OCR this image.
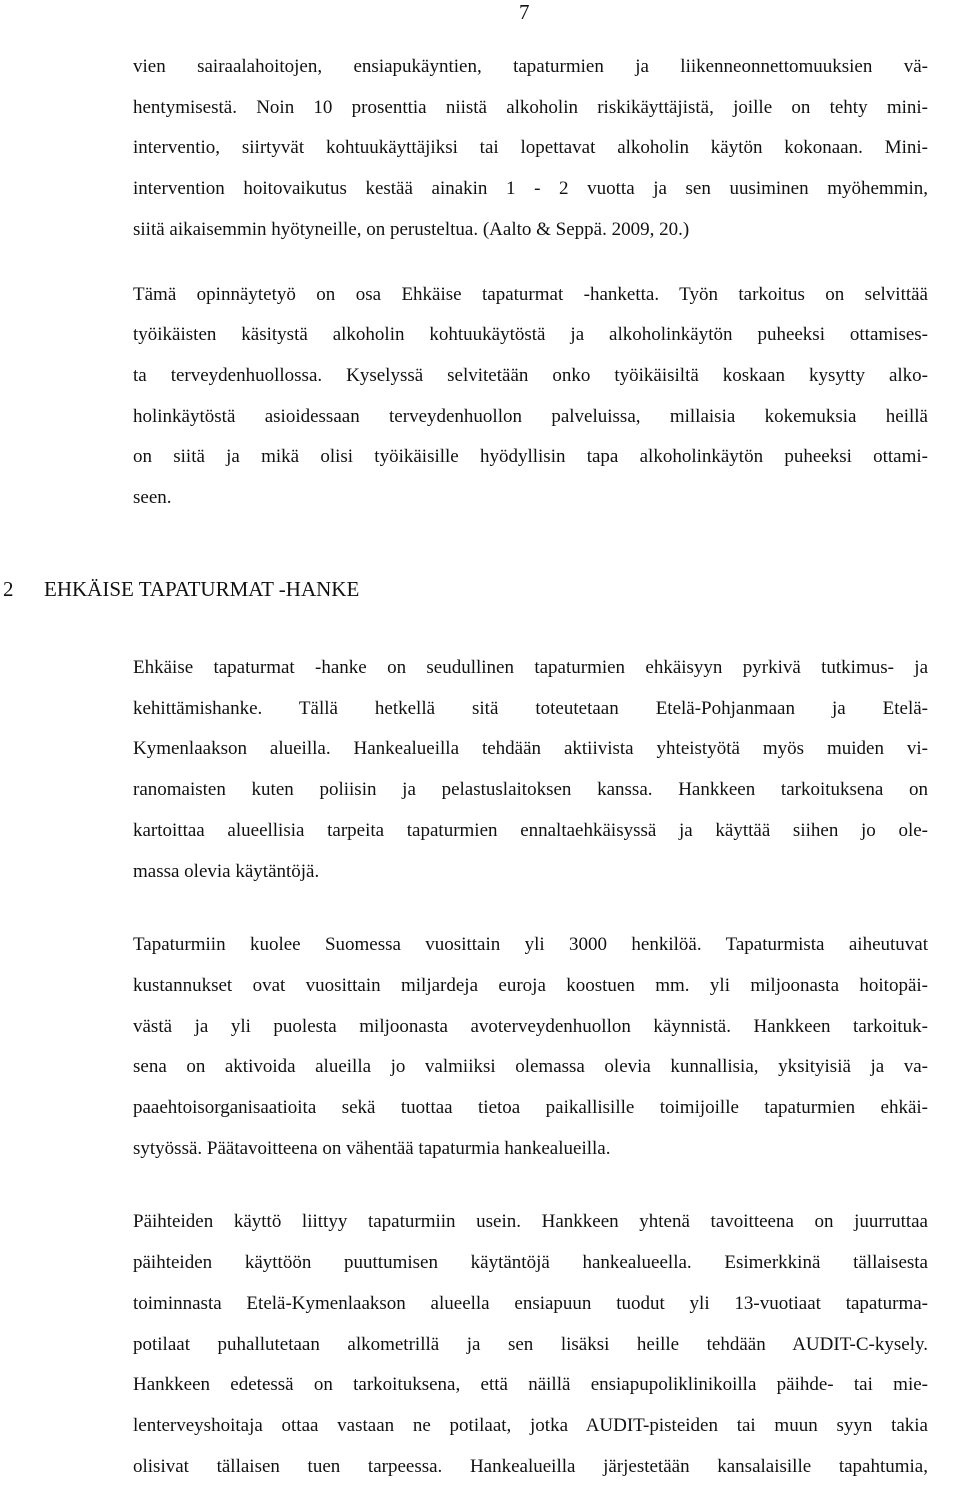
7

vien sairaalahoitojen, ensiapukäyntien, tapaturmien ja liikenneonnettomuuksien vä-
hentymisestä. Noin 10 prosenttia niistä alkoholin riskikäyttäjistä, joille on tehty mini-
interventio, siirtyvät kohtuukäyttäjiksi tai lopettavat alkoholin käytön kokonaan. Mini-
intervention hoitovaikutus kestää ainakin 1 - 2 vuotta ja sen uusiminen myöhemmin,
siitä aikaisemmin hyötyneille, on perusteltua. (Aalto & Seppä. 2009, 20.)

Tämä opinnäytetyö on osa Ehkäise tapaturmat -hanketta. Työn tarkoitus on selvittää
työikäisten käsitystä alkoholin kohtuukäytöstä ja alkoholinkäytön puheeksi ottamises-
ta terveydenhuollossa. Kyselyssä selvitetään onko työikäisiltä koskaan kysytty alko-
holinkäytöstä asioidessaan terveydenhuollon palveluissa, millaisia kokemuksia heillä
on siitä ja mikä olisi työikäisille hyödyllisin tapa alkoholinkäytön puheeksi ottami-
seen.

2 EHKÄISE TAPATURMAT -HANKE

Ehkäise tapaturmat -hanke on seudullinen tapaturmien ehkäisyyn pyrkivä tutkimus- ja
kehittämishanke. Tällä hetkellä sitä toteutetaan Etelä-Pohjanmaan ja Etelä-
Kymenlaakson alueilla. Hankealueilla tehdään aktiivista yhteistyötä myös muiden vi-
ranomaisten kuten poliisin ja pelastuslaitoksen kanssa. Hankkeen tarkoituksena on
kartoittaa alueellisia tarpeita tapaturmien ennaltaehkäisyssä ja käyttää siihen jo ole-
massa olevia käytäntöjä.

Tapaturmiin kuolee Suomessa vuosittain yli 3000 henkilöä. Tapaturmista aiheutuvat
kustannukset ovat vuosittain miljardeja euroja koostuen mm. yli miljoonasta hoitopäi-
västä ja yli puolesta miljoonasta avoterveydenhuollon käynnistä. Hankkeen tarkoituk-
sena on aktivoida alueilla jo valmiiksi olemassa olevia kunnallisia, yksityisiä ja va-
paaehtoisorganisaatioita sekä tuottaa tietoa paikallisille toimijoille tapaturmien ehkäi-
sytyössä. Päätavoitteena on vähentää tapaturmia hankealueilla.

Päihteiden käyttö liittyy tapaturmiin usein. Hankkeen yhtenä tavoitteena on juurruttaa
päihteiden käyttöön puuttumisen käytäntöjä hankealueella. Esimerkkinä tällaisesta
toiminnasta Etelä-Kymenlaakson alueella ensiapuun tuodut yli 13-vuotiaat tapaturma-
potilaat puhallutetaan alkometrillä ja sen lisäksi heille tehdään AUDIT-C-kysely.
Hankkeen edetessä on tarkoituksena, että näillä ensiapupoliklinikoilla päihde- tai mie-
lenterveyshoitaja ottaa vastaan ne potilaat, jotka AUDIT-pisteiden tai muun syyn takia
olisivat tällaisen tuen tarpeessa. Hankealueilla järjestetään kansalaisille tapahtumia,
